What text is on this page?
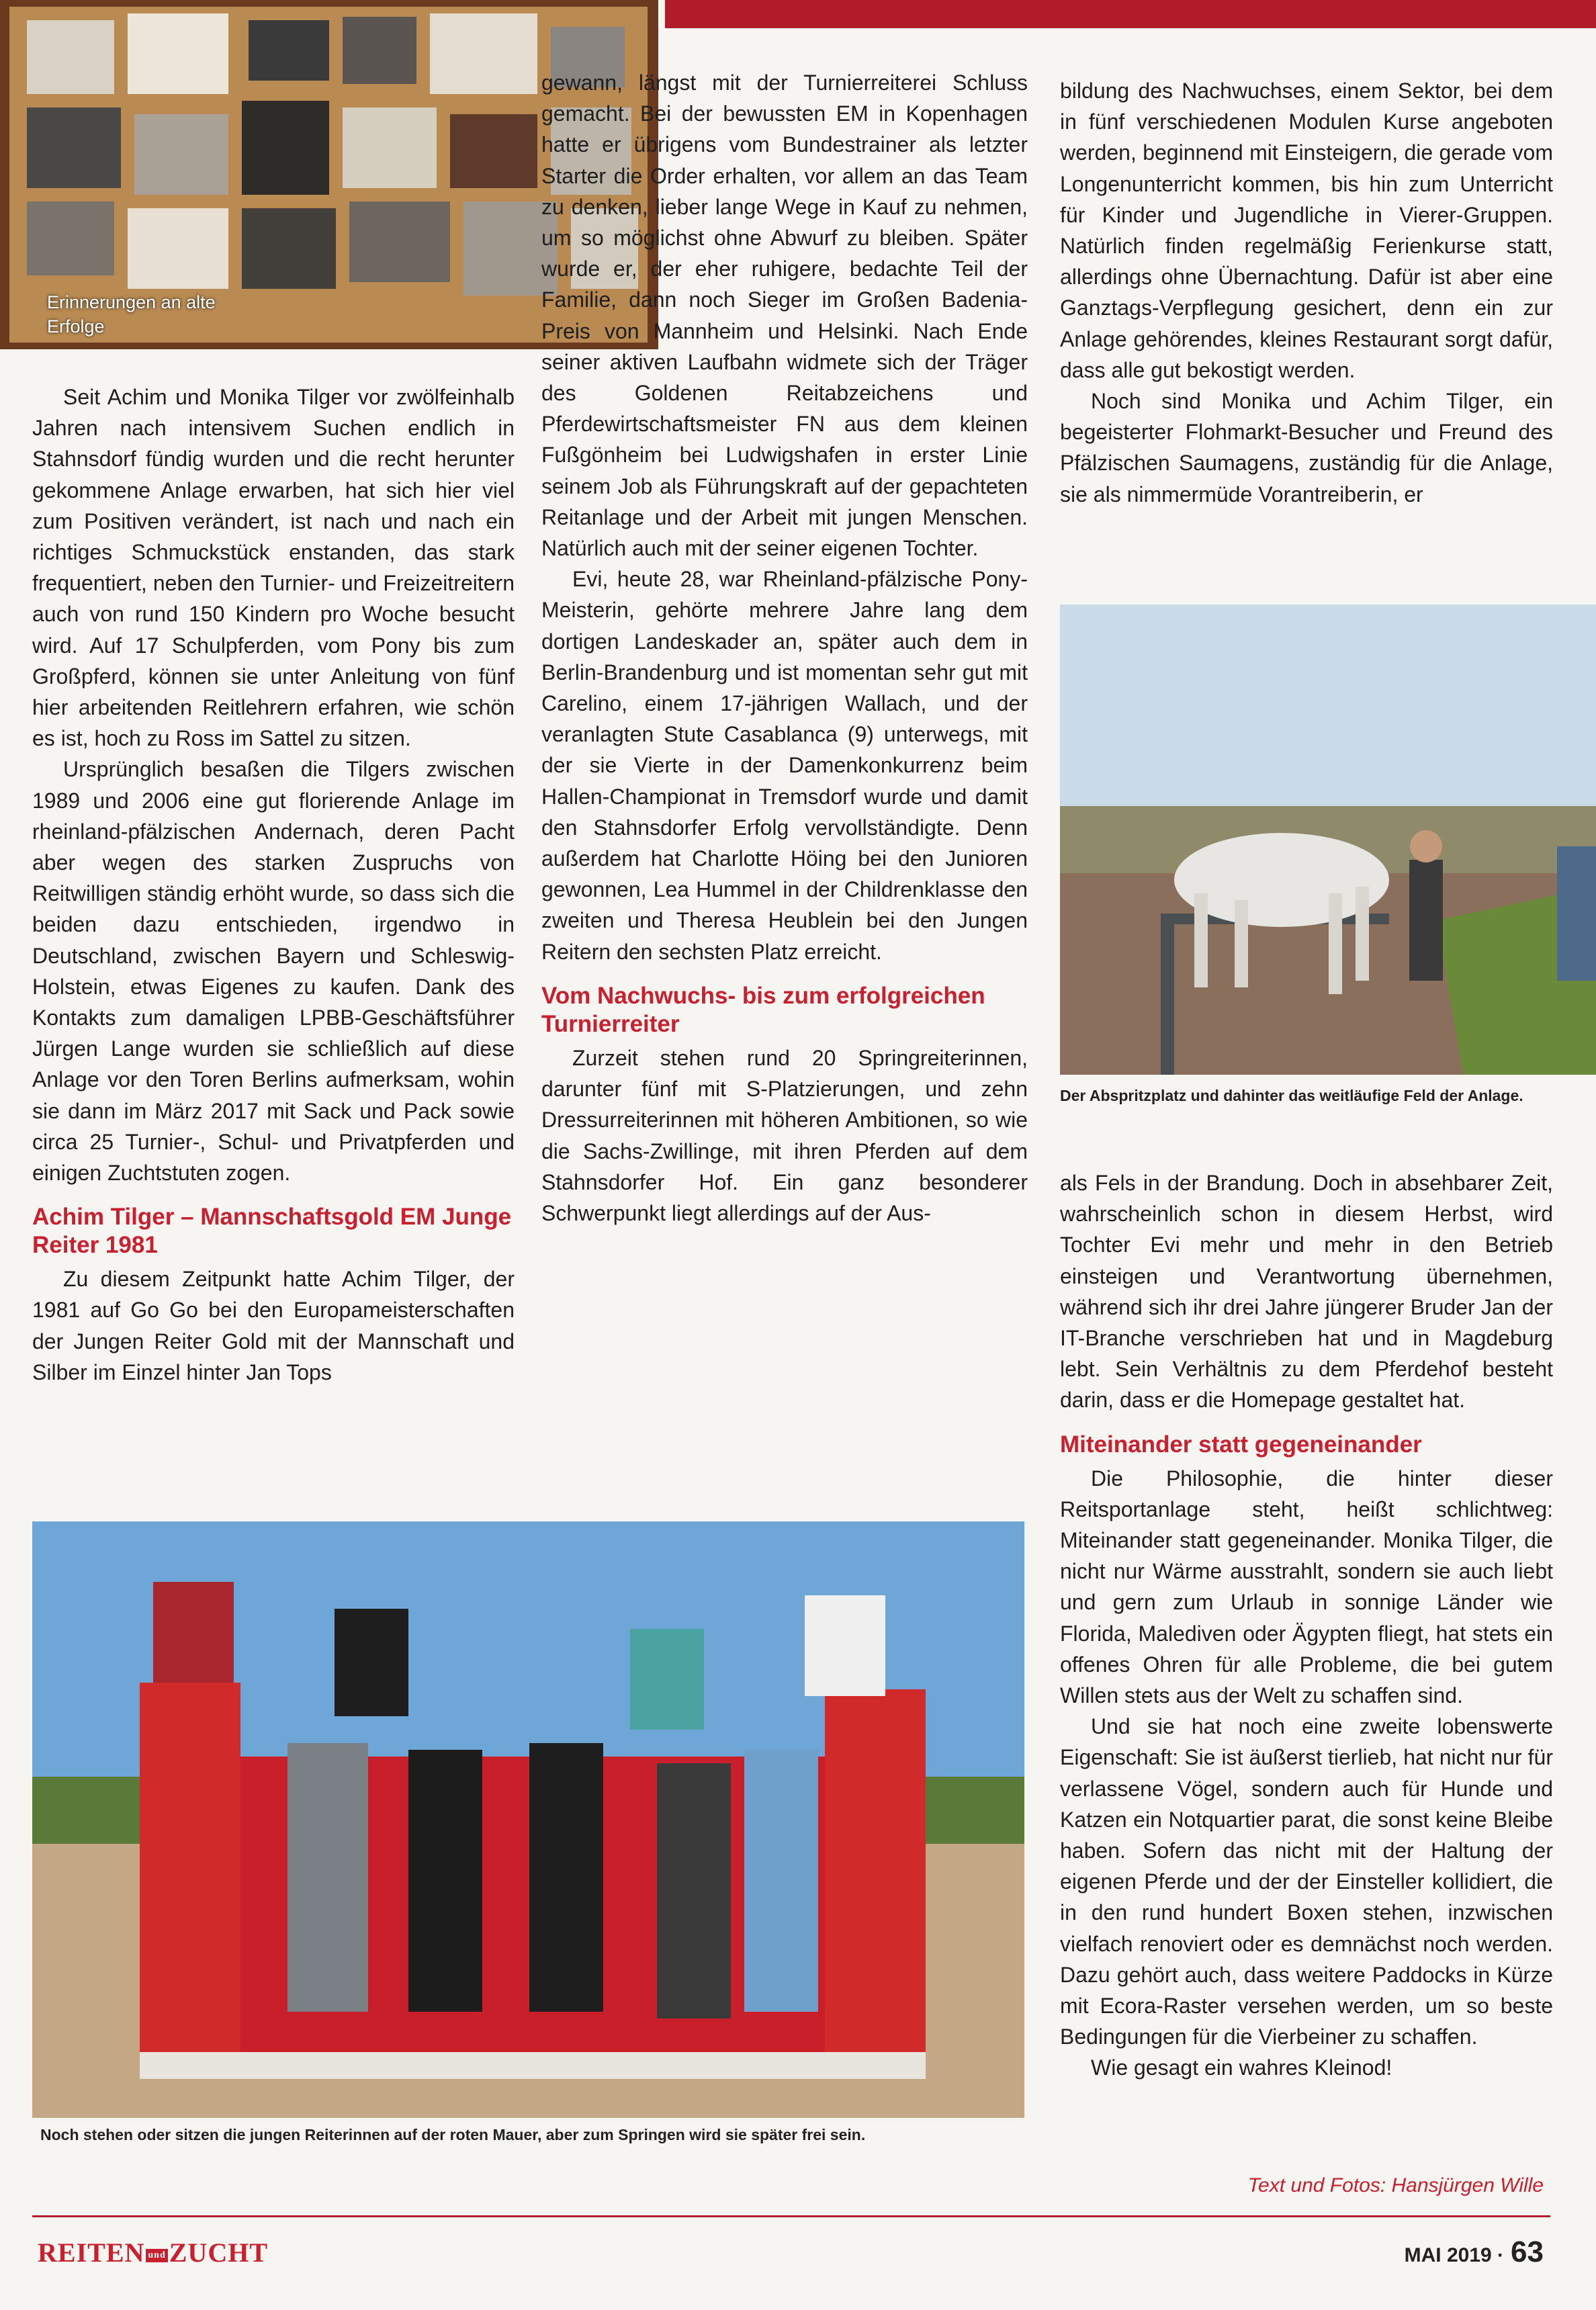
Erinnerungen an alte Erfolge
Der Abspritzplatz und dahinter das weitläufige Feld der Anlage.
Noch stehen oder sitzen die jungen Reiterinnen auf der roten Mauer, aber zum Springen wird sie später frei sein.

Seit Achim und Monika Tilger vor zwölfeinhalb Jahren nach intensivem Suchen endlich in Stahnsdorf fündig wurden und die recht herunter gekommene Anlage erwarben, hat sich hier viel zum Positiven verändert, ist nach und nach ein richtiges Schmuckstück enstanden, das stark frequentiert, neben den Turnier- und Freizeitreitern auch von rund 150 Kindern pro Woche besucht wird. Auf 17 Schulpferden, vom Pony bis zum Großpferd, können sie unter Anleitung von fünf hier arbeitenden Reitlehrern erfahren, wie schön es ist, hoch zu Ross im Sattel zu sitzen.

Ursprünglich besaßen die Tilgers zwischen 1989 und 2006 eine gut florierende Anlage im rheinland-pfälzischen Andernach, deren Pacht aber wegen des starken Zuspruchs von Reitwilligen ständig erhöht wurde, so dass sich die beiden dazu entschieden, irgendwo in Deutschland, zwischen Bayern und Schleswig-Holstein, etwas Eigenes zu kaufen. Dank des Kontakts zum damaligen LPBB-Geschäftsführer Jürgen Lange wurden sie schließlich auf diese Anlage vor den Toren Berlins aufmerksam, wohin sie dann im März 2017 mit Sack und Pack sowie circa 25 Turnier-, Schul- und Privatpferden und einigen Zuchtstuten zogen.

Achim Tilger – Mannschaftsgold EM Junge Reiter 1981

Zu diesem Zeitpunkt hatte Achim Tilger, der 1981 auf Go Go bei den Europameisterschaften der Jungen Reiter Gold mit der Mannschaft und Silber im Einzel hinter Jan Tops

gewann, längst mit der Turnierreiterei Schluss gemacht. Bei der bewussten EM in Kopenhagen hatte er übrigens vom Bundestrainer als letzter Starter die Order erhalten, vor allem an das Team zu denken, lieber lange Wege in Kauf zu nehmen, um so möglichst ohne Abwurf zu bleiben. Später wurde er, der eher ruhigere, bedachte Teil der Familie, dann noch Sieger im Großen Badenia-Preis von Mannheim und Helsinki. Nach Ende seiner aktiven Laufbahn widmete sich der Träger des Goldenen Reitabzeichens und Pferdewirtschaftsmeister FN aus dem kleinen Fußgönheim bei Ludwigshafen in erster Linie seinem Job als Führungskraft auf der gepachteten Reitanlage und der Arbeit mit jungen Menschen. Natürlich auch mit der seiner eigenen Tochter.

Evi, heute 28, war Rheinland-pfälzische Pony-Meisterin, gehörte mehrere Jahre lang dem dortigen Landeskader an, später auch dem in Berlin-Brandenburg und ist momentan sehr gut mit Carelino, einem 17-jährigen Wallach, und der veranlagten Stute Casablanca (9) unterwegs, mit der sie Vierte in der Damenkonkurrenz beim Hallen-Championat in Tremsdorf wurde und damit den Stahnsdorfer Erfolg vervollständigte. Denn außerdem hat Charlotte Höing bei den Junioren gewonnen, Lea Hummel in der Childrenklasse den zweiten und Theresa Heublein bei den Jungen Reitern den sechsten Platz erreicht.

Vom Nachwuchs- bis zum erfolgreichen Turnierreiter

Zurzeit stehen rund 20 Springreiterinnen, darunter fünf mit S-Platzierungen, und zehn Dressurreiterinnen mit höheren Ambitionen, so wie die Sachs-Zwillinge, mit ihren Pferden auf dem Stahnsdorfer Hof. Ein ganz besonderer Schwerpunkt liegt allerdings auf der Aus-

bildung des Nachwuchses, einem Sektor, bei dem in fünf verschiedenen Modulen Kurse angeboten werden, beginnend mit Einsteigern, die gerade vom Longenunterricht kommen, bis hin zum Unterricht für Kinder und Jugendliche in Vierer-Gruppen. Natürlich finden regelmäßig Ferienkurse statt, allerdings ohne Übernachtung. Dafür ist aber eine Ganztags-Verpflegung gesichert, denn ein zur Anlage gehörendes, kleines Restaurant sorgt dafür, dass alle gut bekostigt werden.

Noch sind Monika und Achim Tilger, ein begeisterter Flohmarkt-Besucher und Freund des Pfälzischen Saumagens, zuständig für die Anlage, sie als nimmermüde Vorantreiberin, er

als Fels in der Brandung. Doch in absehbarer Zeit, wahrscheinlich schon in diesem Herbst, wird Tochter Evi mehr und mehr in den Betrieb einsteigen und Verantwortung übernehmen, während sich ihr drei Jahre jüngerer Bruder Jan der IT-Branche verschrieben hat und in Magdeburg lebt. Sein Verhältnis zu dem Pferdehof besteht darin, dass er die Homepage gestaltet hat.

Miteinander statt gegeneinander

Die Philosophie, die hinter dieser Reitsportanlage steht, heißt schlichtweg: Miteinander statt gegeneinander. Monika Tilger, die nicht nur Wärme ausstrahlt, sondern sie auch liebt und gern zum Urlaub in sonnige Länder wie Florida, Malediven oder Ägypten fliegt, hat stets ein offenes Ohren für alle Probleme, die bei gutem Willen stets aus der Welt zu schaffen sind.

Und sie hat noch eine zweite lobenswerte Eigenschaft: Sie ist äußerst tierlieb, hat nicht nur für verlassene Vögel, sondern auch für Hunde und Katzen ein Notquartier parat, die sonst keine Bleibe haben. Sofern das nicht mit der Haltung der eigenen Pferde und der der Einsteller kollidiert, die in den rund hundert Boxen stehen, inzwischen vielfach renoviert oder es demnächst noch werden. Dazu gehört auch, dass weitere Paddocks in Kürze mit Ecora-Raster versehen werden, um so beste Bedingungen für die Vierbeiner zu schaffen.

Wie gesagt ein wahres Kleinod!

Text und Fotos: Hansjürgen Wille
REITEN und ZUCHT	MAI 2019 · 63
